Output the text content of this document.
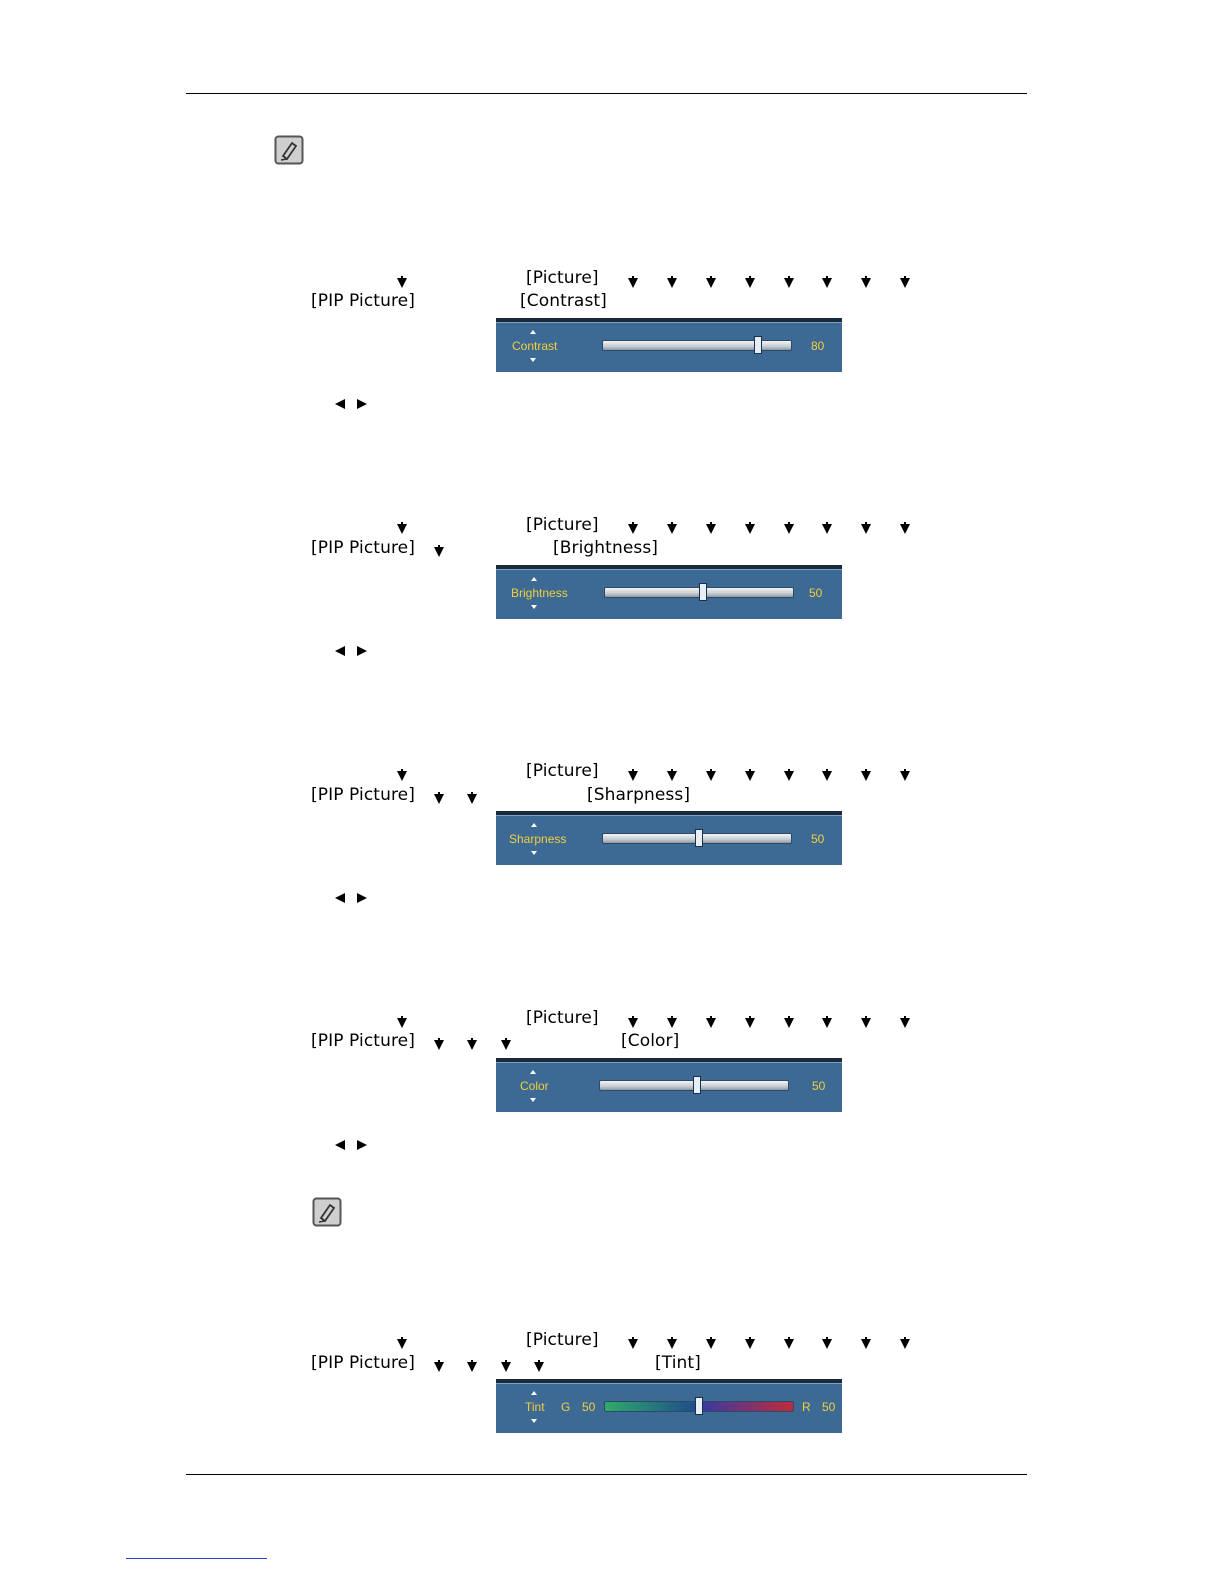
[Picture]
[PIP Picture]	[Contrast]
Contrast	80
[Picture]
[PIP Picture]	[Brightness]
Brightness	50
[Picture]
[PIP Picture]	[Sharpness]
Sharpness	50
[Picture]
[PIP Picture]	[Color]
Color	50
[Picture]
[PIP Picture]	[Tint]
Tint G 50	R 50
